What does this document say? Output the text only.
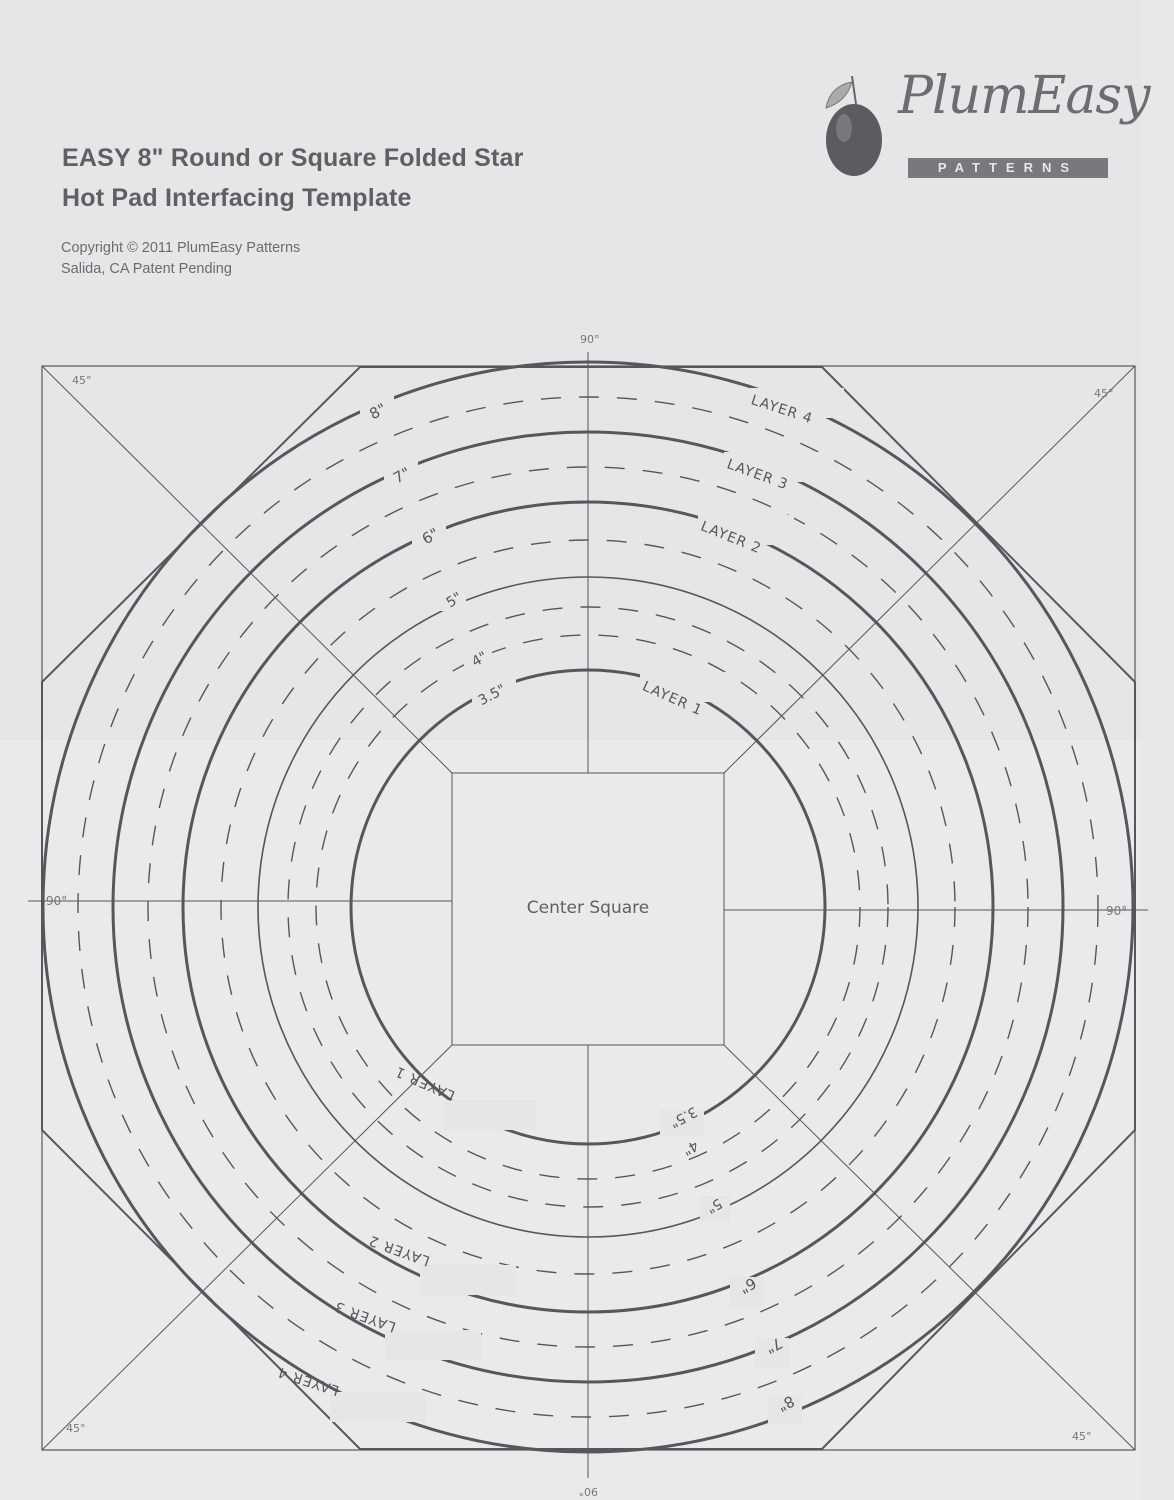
EASY 8" Round or Square Folded Star
Hot Pad Interfacing Template
Copyright © 2011 PlumEasy Patterns
Salida, CA Patent Pending
PlumEasy
PATTERNS
90°
90°
90°
90°
45°
45°
45°
45°
8"
7"
6"
5"
4"
3.5"
8"
7"
6"
5"
4"
3.5"
LAYER 4
LAYER 3
LAYER 2
LAYER 1
LAYER 1
LAYER 2
LAYER 3
LAYER 4
Center Square
